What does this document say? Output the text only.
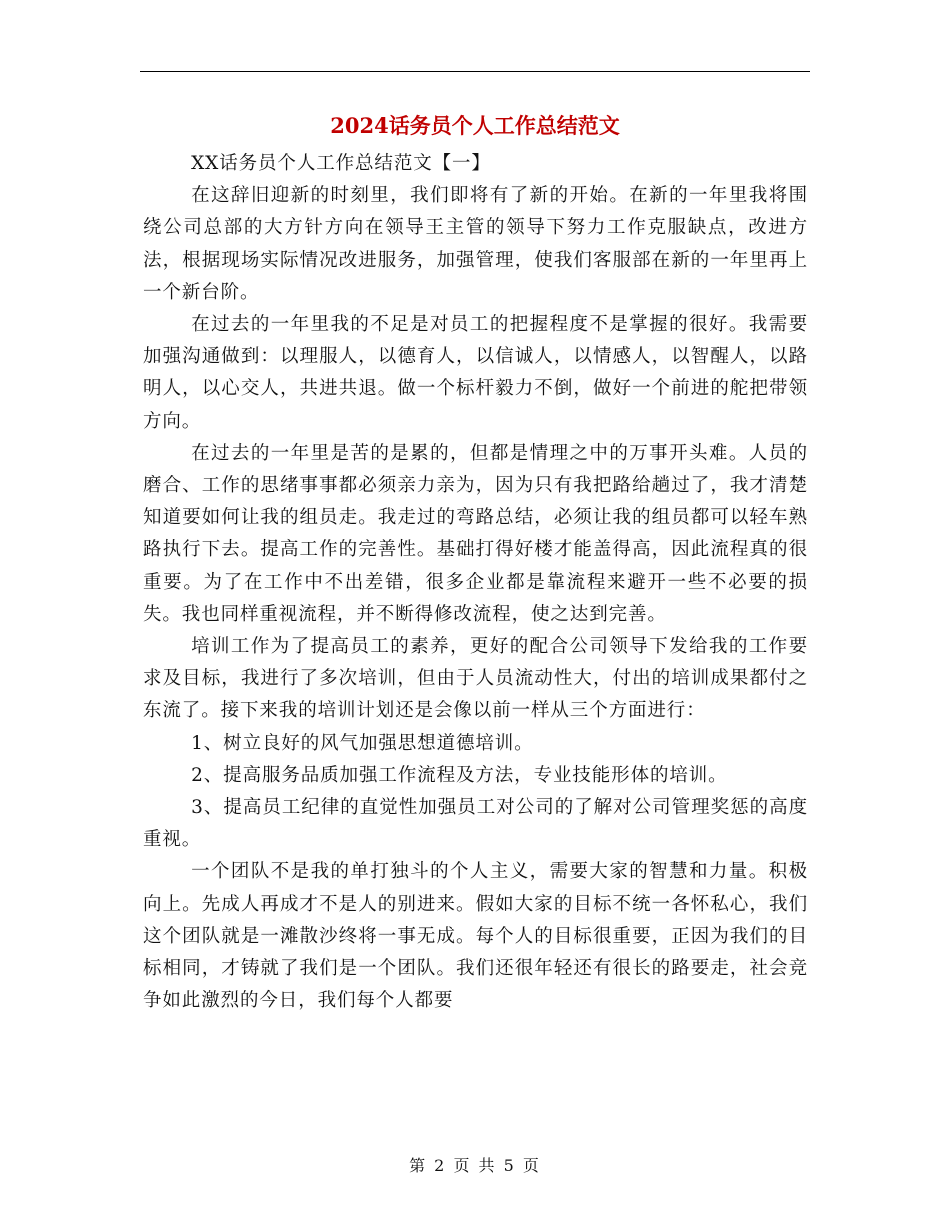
2024话务员个人工作总结范文

XX话务员个人工作总结范文【一】

在这辞旧迎新的时刻里，我们即将有了新的开始。在新的一年里我将围绕公司总部的大方针方向在领导王主管的领导下努力工作克服缺点，改进方法，根据现场实际情况改进服务，加强管理，使我们客服部在新的一年里再上一个新台阶。

在过去的一年里我的不足是对员工的把握程度不是掌握的很好。我需要加强沟通做到：以理服人，以德育人，以信诚人，以情感人，以智醒人，以路明人，以心交人，共进共退。做一个标杆毅力不倒，做好一个前进的舵把带领方向。

在过去的一年里是苦的是累的，但都是情理之中的万事开头难。人员的磨合、工作的思绪事事都必须亲力亲为，因为只有我把路给趟过了，我才清楚知道要如何让我的组员走。我走过的弯路总结，必须让我的组员都可以轻车熟路执行下去。提高工作的完善性。基础打得好楼才能盖得高，因此流程真的很重要。为了在工作中不出差错，很多企业都是靠流程来避开一些不必要的损失。我也同样重视流程，并不断得修改流程，使之达到完善。

培训工作为了提高员工的素养，更好的配合公司领导下发给我的工作要求及目标，我进行了多次培训，但由于人员流动性大，付出的培训成果都付之东流了。接下来我的培训计划还是会像以前一样从三个方面进行：

1、树立良好的风气加强思想道德培训。

2、提高服务品质加强工作流程及方法，专业技能形体的培训。

3、提高员工纪律的直觉性加强员工对公司的了解对公司管理奖惩的高度重视。

一个团队不是我的单打独斗的个人主义，需要大家的智慧和力量。积极向上。先成人再成才不是人的别进来。假如大家的目标不统一各怀私心，我们这个团队就是一滩散沙终将一事无成。每个人的目标很重要，正因为我们的目标相同，才铸就了我们是一个团队。我们还很年轻还有很长的路要走，社会竞争如此激烈的今日，我们每个人都要

第 2 页 共 5 页
